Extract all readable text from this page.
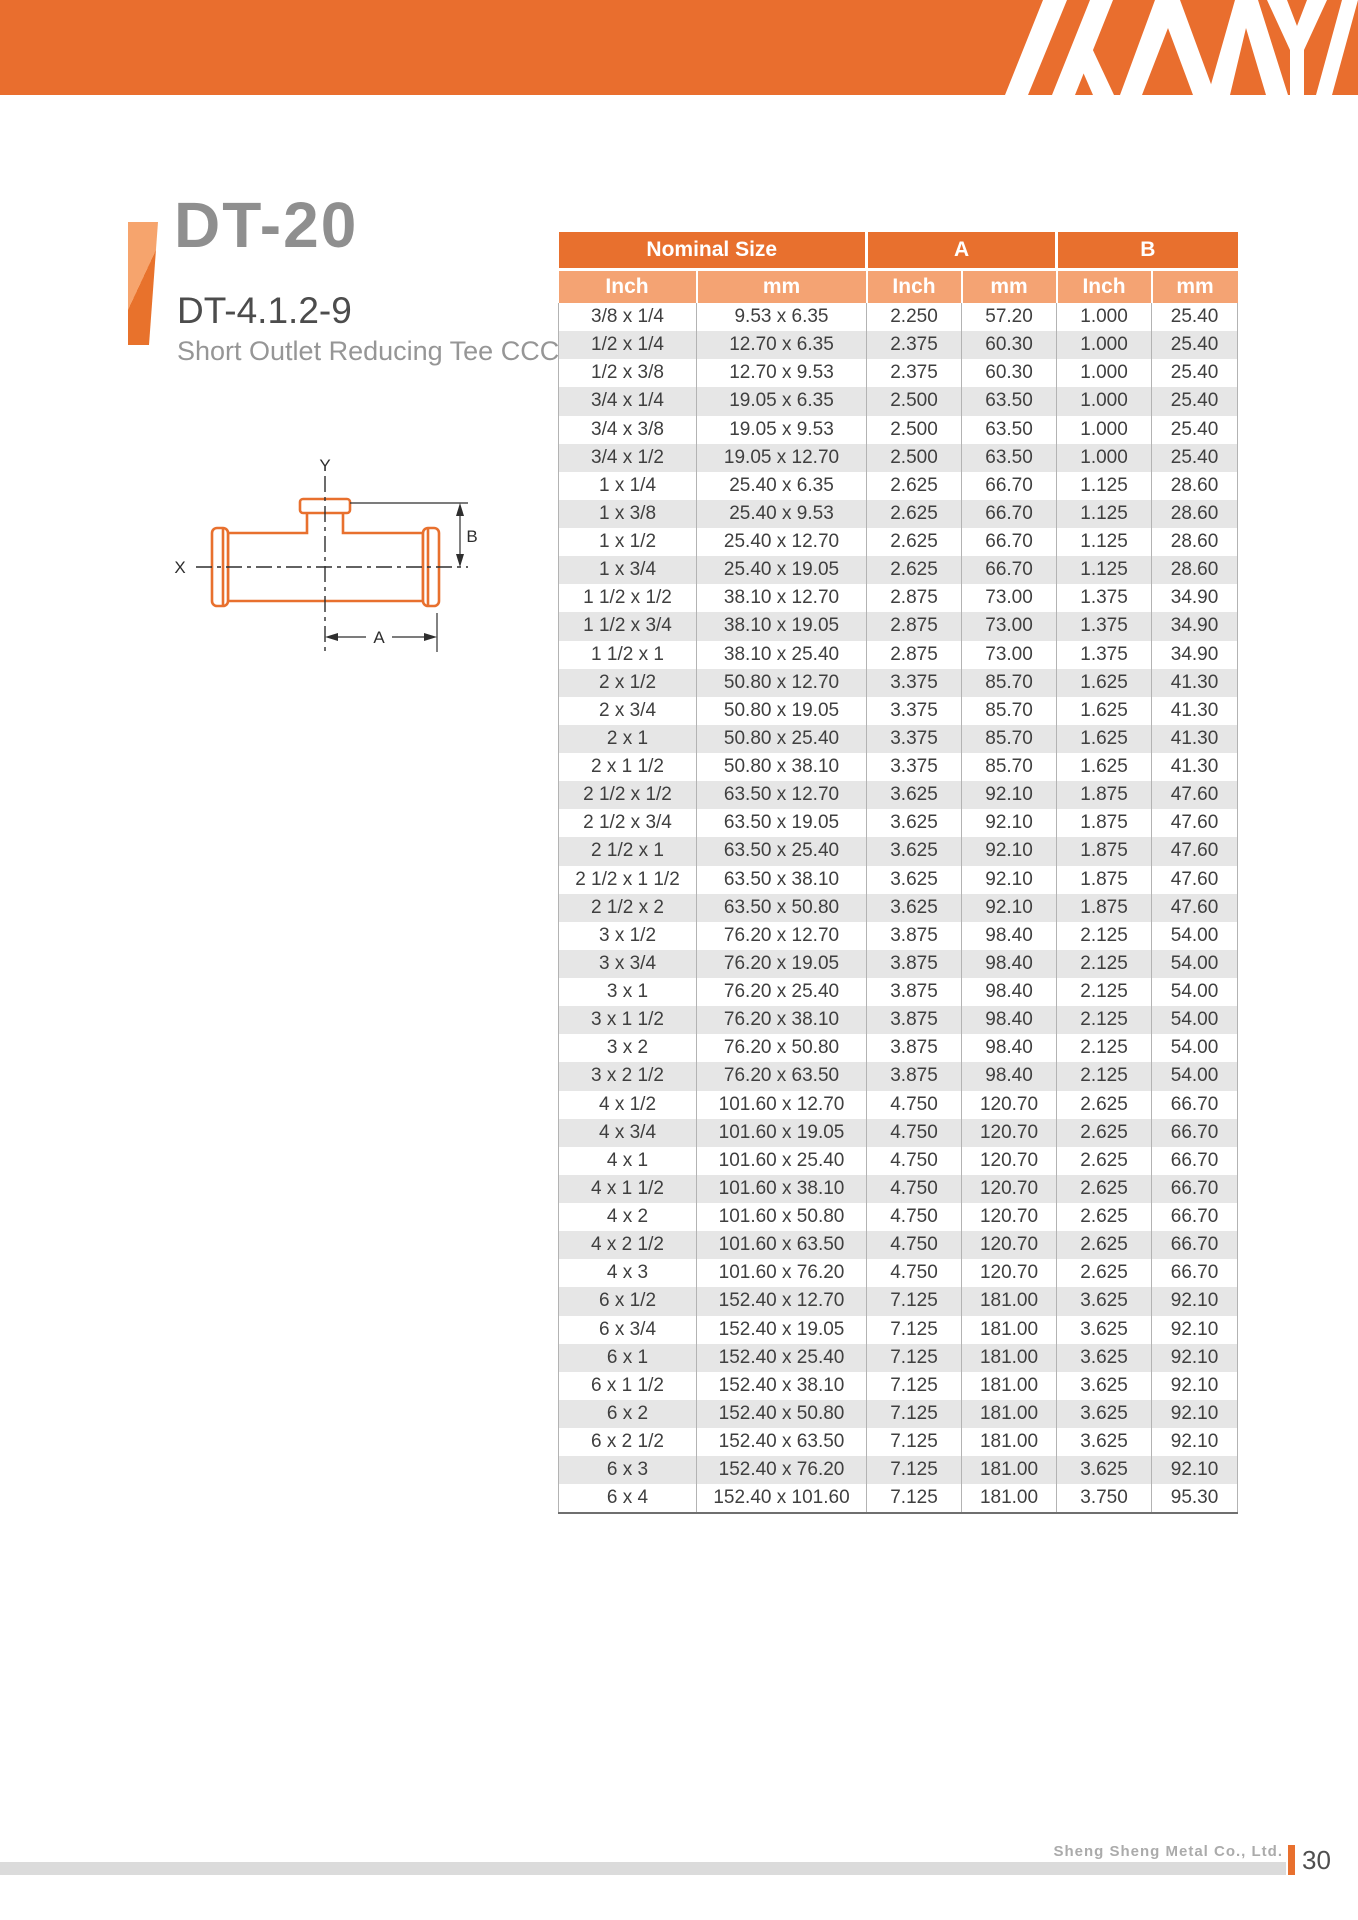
DT-20
DT-4.1.2-9
Short Outlet Reducing Tee CCC
Y
X
B
A
Nominal Size		A		B	
Inch	mm	Inch	mm	Inch	mm
3/8 x 1/4	9.53 x 6.35	2.250	57.20	1.000	25.40
1/2 x 1/4	12.70 x 6.35	2.375	60.30	1.000	25.40
1/2 x 3/8	12.70 x 9.53	2.375	60.30	1.000	25.40
3/4 x 1/4	19.05 x 6.35	2.500	63.50	1.000	25.40
3/4 x 3/8	19.05 x 9.53	2.500	63.50	1.000	25.40
3/4 x 1/2	19.05 x 12.70	2.500	63.50	1.000	25.40
1 x 1/4	25.40 x 6.35	2.625	66.70	1.125	28.60
1 x 3/8	25.40 x 9.53	2.625	66.70	1.125	28.60
1 x 1/2	25.40 x 12.70	2.625	66.70	1.125	28.60
1 x 3/4	25.40 x 19.05	2.625	66.70	1.125	28.60
1 1/2 x 1/2	38.10 x 12.70	2.875	73.00	1.375	34.90
1 1/2 x 3/4	38.10 x 19.05	2.875	73.00	1.375	34.90
1 1/2 x 1	38.10 x 25.40	2.875	73.00	1.375	34.90
2 x 1/2	50.80 x 12.70	3.375	85.70	1.625	41.30
2 x 3/4	50.80 x 19.05	3.375	85.70	1.625	41.30
2 x 1	50.80 x 25.40	3.375	85.70	1.625	41.30
2 x 1 1/2	50.80 x 38.10	3.375	85.70	1.625	41.30
2 1/2 x 1/2	63.50 x 12.70	3.625	92.10	1.875	47.60
2 1/2 x 3/4	63.50 x 19.05	3.625	92.10	1.875	47.60
2 1/2 x 1	63.50 x 25.40	3.625	92.10	1.875	47.60
2 1/2 x 1 1/2	63.50 x 38.10	3.625	92.10	1.875	47.60
2 1/2 x 2	63.50 x 50.80	3.625	92.10	1.875	47.60
3 x 1/2	76.20 x 12.70	3.875	98.40	2.125	54.00
3 x 3/4	76.20 x 19.05	3.875	98.40	2.125	54.00
3 x 1	76.20 x 25.40	3.875	98.40	2.125	54.00
3 x 1 1/2	76.20 x 38.10	3.875	98.40	2.125	54.00
3 x 2	76.20 x 50.80	3.875	98.40	2.125	54.00
3 x 2 1/2	76.20 x 63.50	3.875	98.40	2.125	54.00
4 x 1/2	101.60 x 12.70	4.750	120.70	2.625	66.70
4 x 3/4	101.60 x 19.05	4.750	120.70	2.625	66.70
4 x 1	101.60 x 25.40	4.750	120.70	2.625	66.70
4 x 1 1/2	101.60 x 38.10	4.750	120.70	2.625	66.70
4 x 2	101.60 x 50.80	4.750	120.70	2.625	66.70
4 x 2 1/2	101.60 x 63.50	4.750	120.70	2.625	66.70
4 x 3	101.60 x 76.20	4.750	120.70	2.625	66.70
6 x 1/2	152.40 x 12.70	7.125	181.00	3.625	92.10
6 x 3/4	152.40 x 19.05	7.125	181.00	3.625	92.10
6 x 1	152.40 x 25.40	7.125	181.00	3.625	92.10
6 x 1 1/2	152.40 x 38.10	7.125	181.00	3.625	92.10
6 x 2	152.40 x 50.80	7.125	181.00	3.625	92.10
6 x 2 1/2	152.40 x 63.50	7.125	181.00	3.625	92.10
6 x 3	152.40 x 76.20	7.125	181.00	3.625	92.10
6 x 4	152.40 x 101.60	7.125	181.00	3.750	95.30
Sheng Sheng Metal Co., Ltd. 30
